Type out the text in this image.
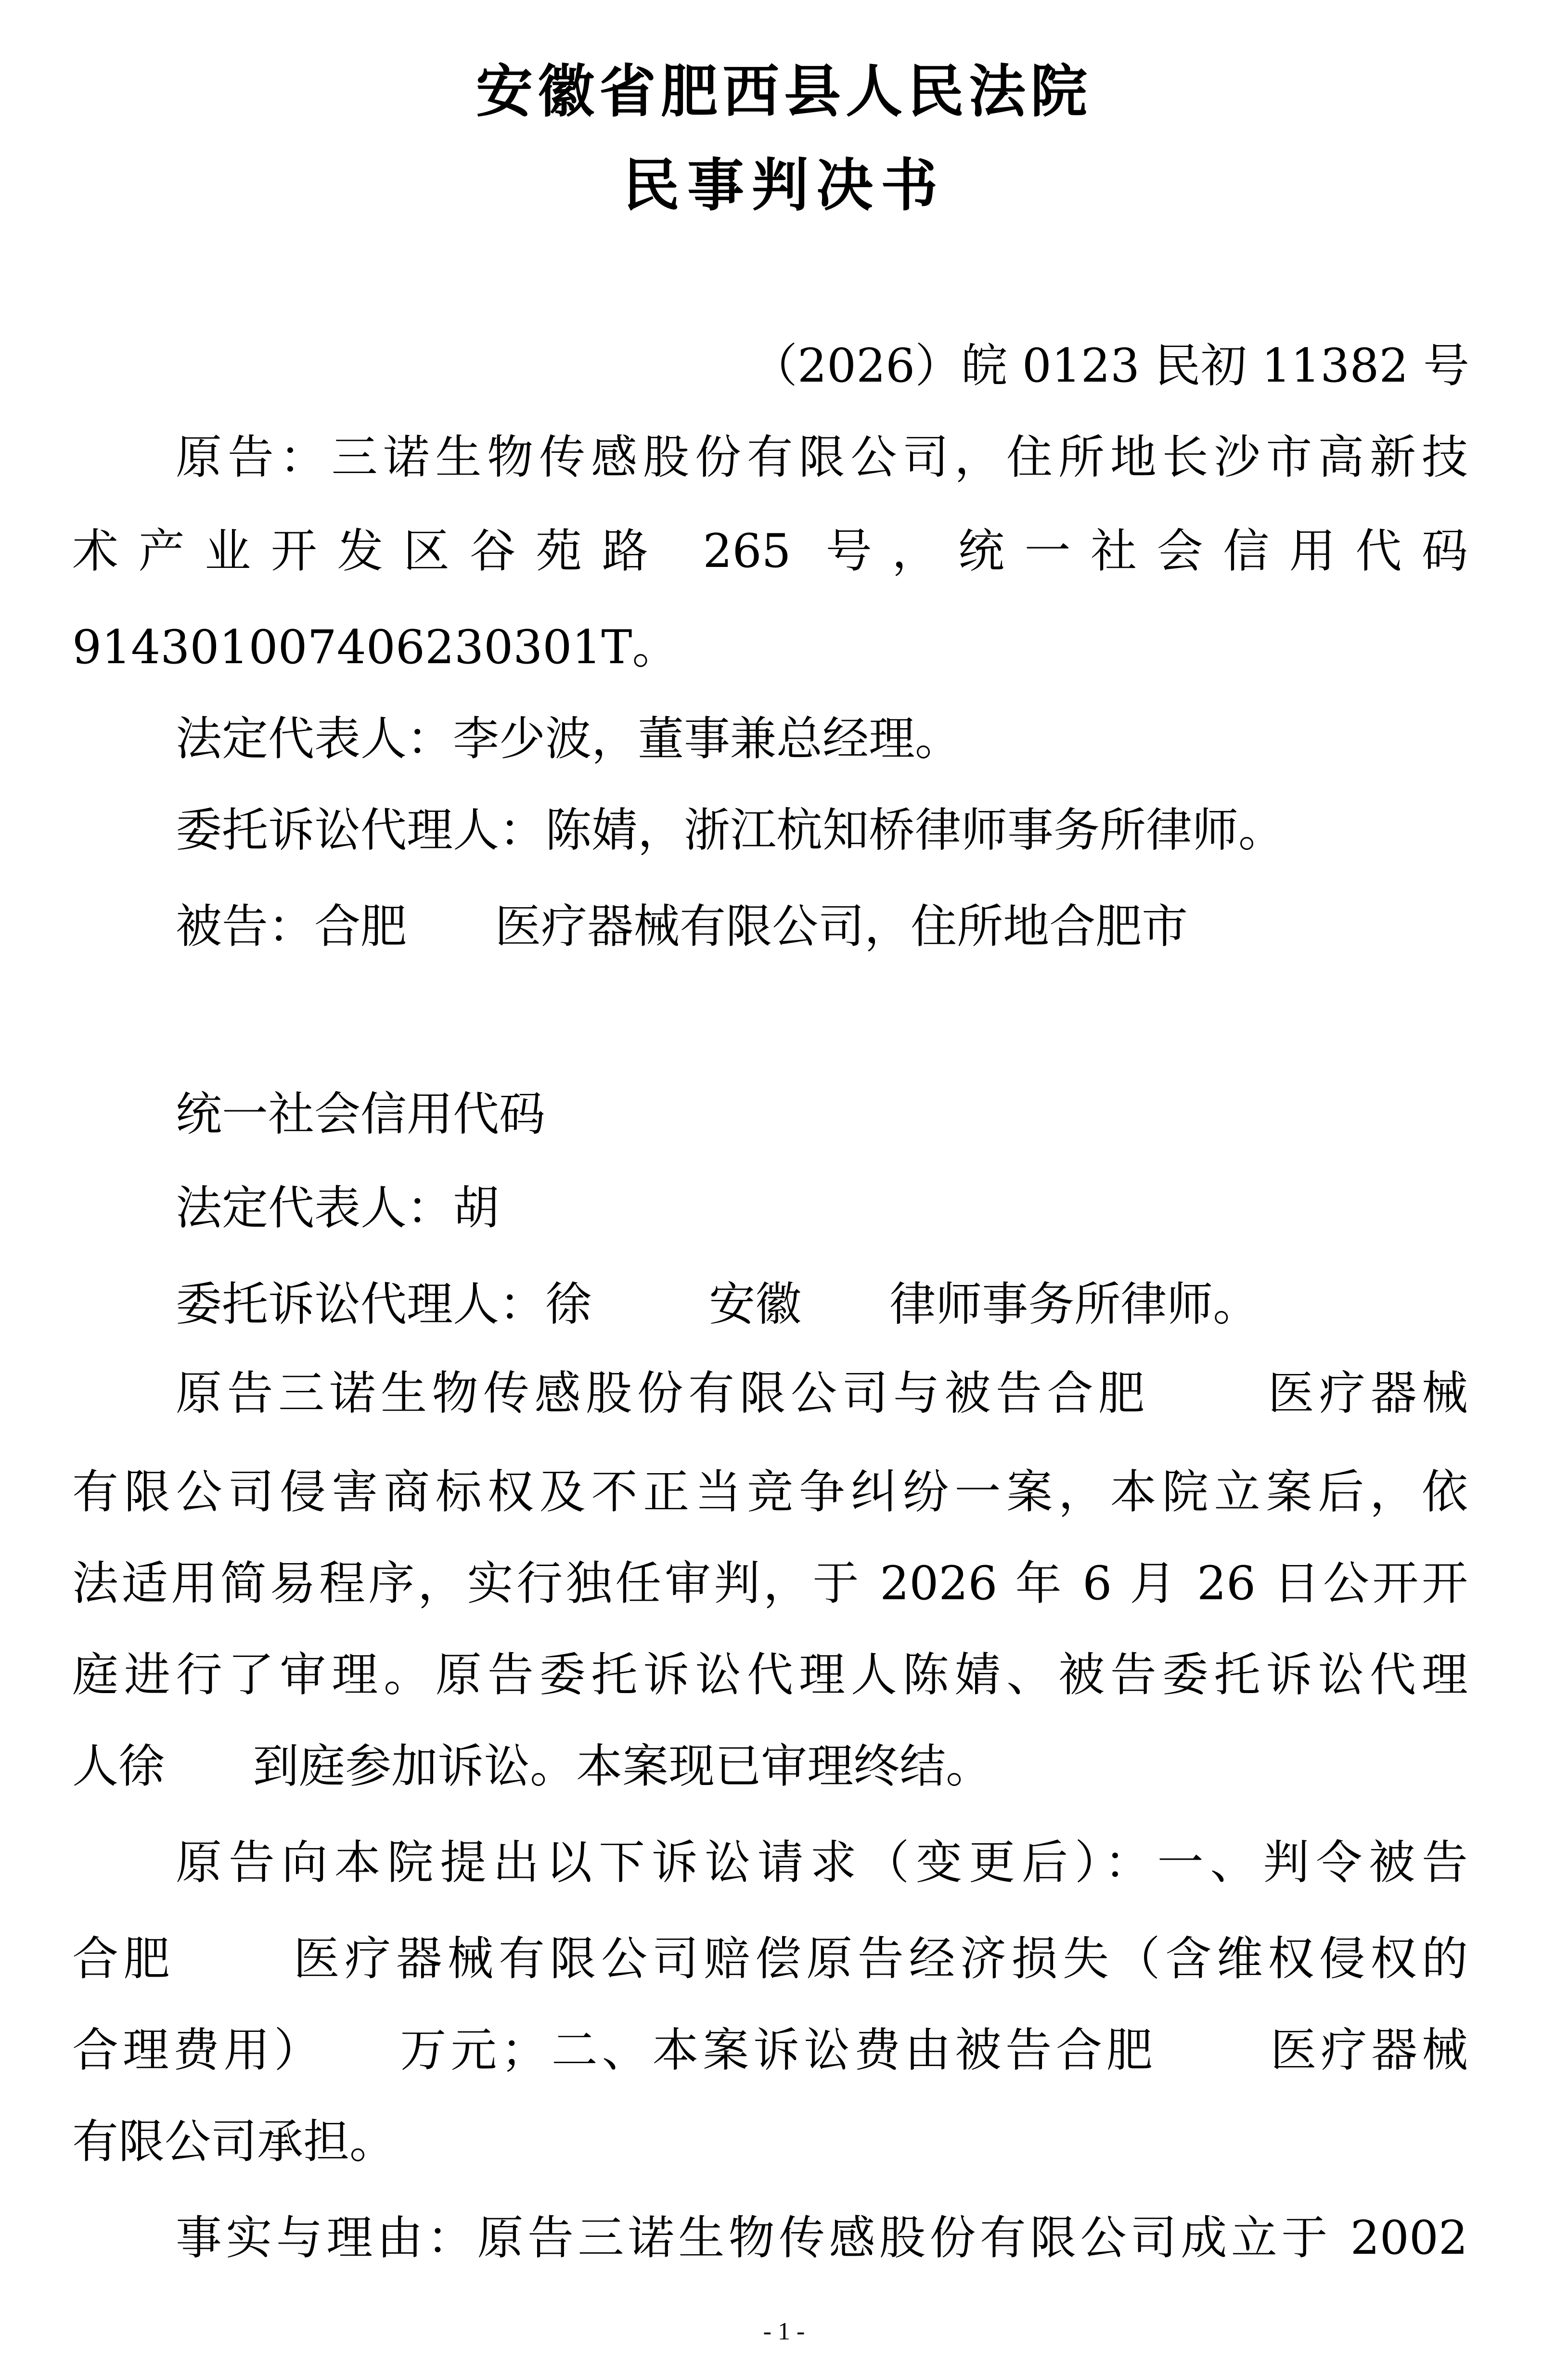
安徽省肥西县人民法院
民事判决书

（2026）皖 0123 民初 11382 号

原告：三诺生物传感股份有限公司，住所地长沙市高新技

术产业开发区谷苑路 265 号，统一社会信用代码

914301007406230301T。

法定代表人：李少波，董事兼总经理。

委托诉讼代理人：陈婧，浙江杭知桥律师事务所律师。

被告：合肥      医疗器械有限公司，住所地合肥市

统一社会信用代码

法定代表人：胡

委托诉讼代理人：徐        安徽      律师事务所律师。

原告三诺生物传感股份有限公司与被告合肥      医疗器械

有限公司侵害商标权及不正当竞争纠纷一案，本院立案后，依

法适用简易程序，实行独任审判，于 2026 年 6 月 26 日公开开

庭进行了审理。原告委托诉讼代理人陈婧、被告委托诉讼代理

人徐      到庭参加诉讼。本案现已审理终结。

原告向本院提出以下诉讼请求（变更后）：一、判令被告

合肥      医疗器械有限公司赔偿原告经济损失（含维权侵权的

合理费用）    万元；二、本案诉讼费由被告合肥      医疗器械

有限公司承担。

事实与理由：原告三诺生物传感股份有限公司成立于 2002

- 1 -
